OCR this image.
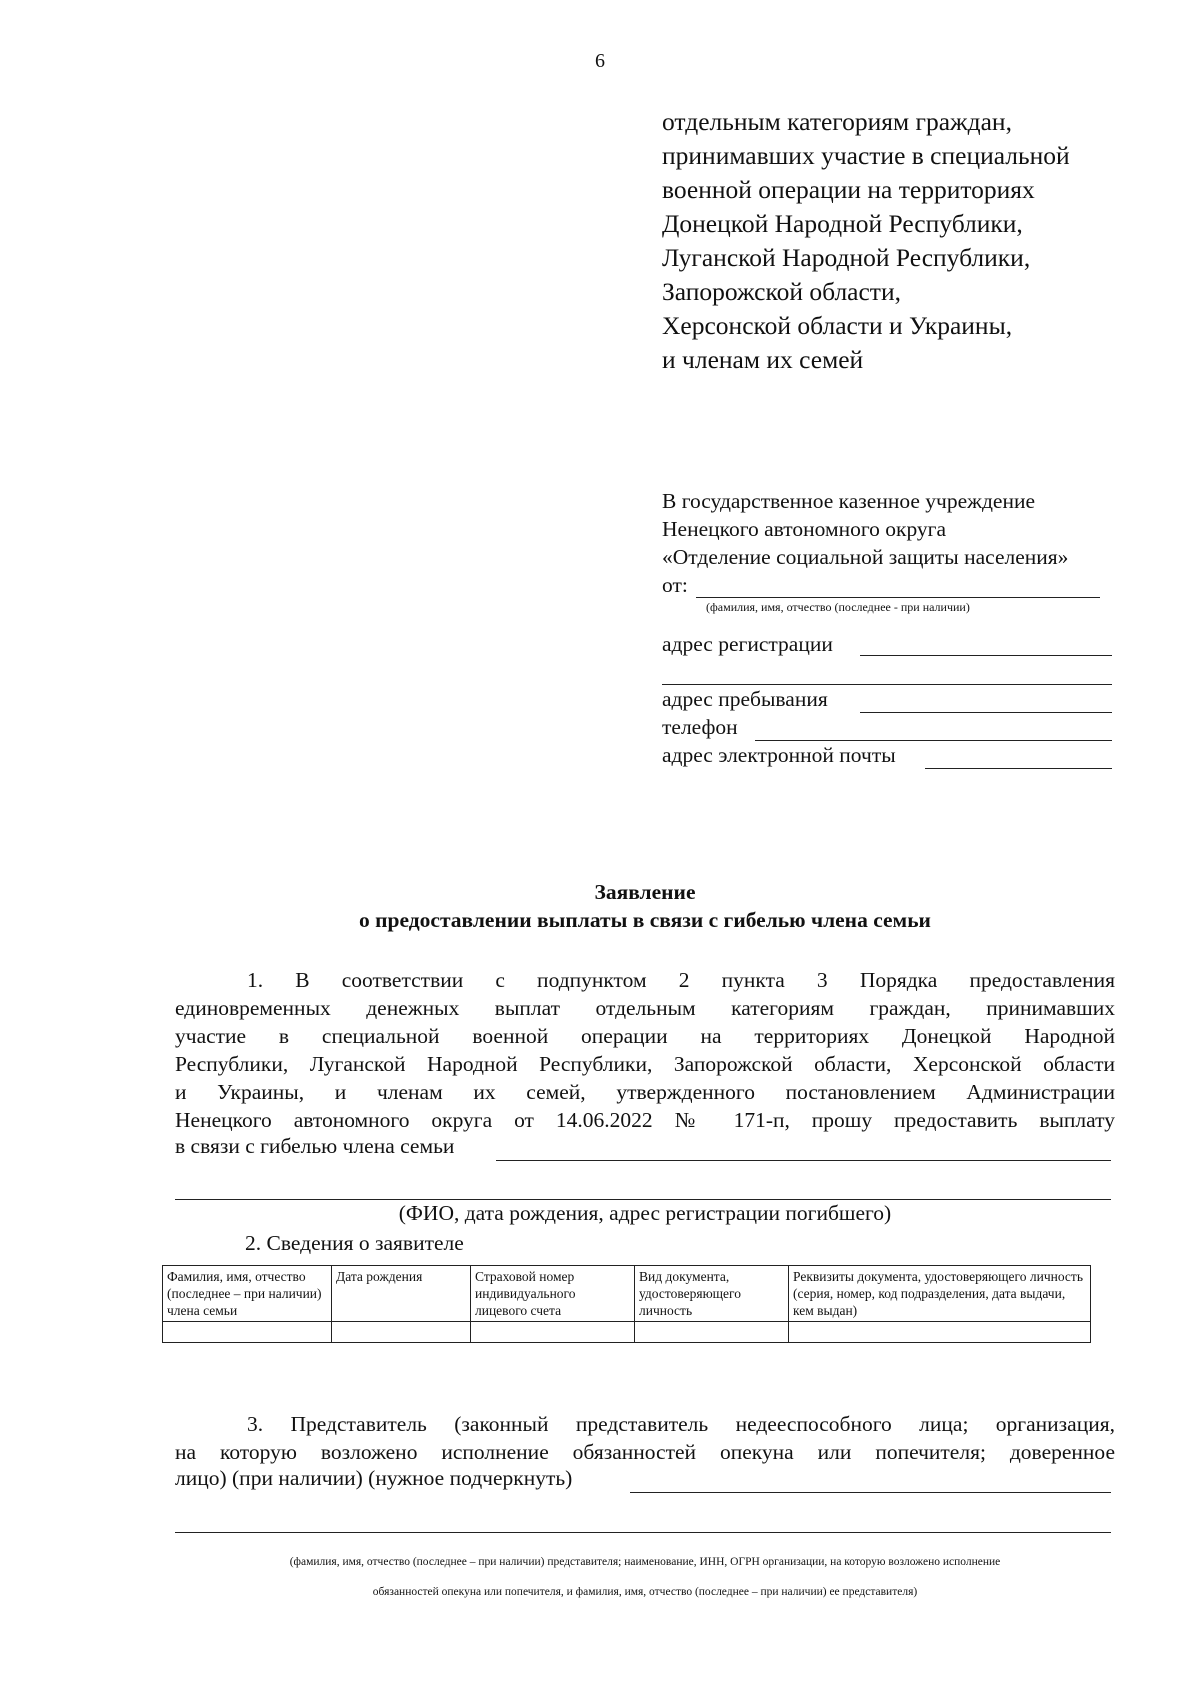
6
отдельным категориям граждан,
принимавших участие в специальной
военной операции на территориях
Донецкой Народной Республики,
Луганской Народной Республики,
Запорожской области,
Херсонской области и Украины,
и членам их семей
В государственное казенное учреждение
Ненецкого автономного округа
«Отделение социальной защиты населения»
от:
(фамилия, имя, отчество (последнее - при наличии)
адрес регистрации
адрес пребывания
телефон
адрес электронной почты
Заявление
о предоставлении выплаты в связи с гибелью члена семьи
1. В соответствии с подпунктом 2 пункта 3 Порядка предоставления
единовременных денежных выплат отдельным категориям граждан, принимавших
участие в специальной военной операции на территориях Донецкой Народной
Республики, Луганской Народной Республики, Запорожской области, Херсонской области
и Украины, и членам их семей, утвержденного постановлением Администрации
Ненецкого автономного округа от 14.06.2022 № 171-п, прошу предоставить выплату
в связи с гибелью члена семьи
(ФИО, дата рождения, адрес регистрации погибшего)
2. Сведения о заявителе
Фамилия, имя, отчество (последнее – при наличии) члена семьи	Дата рождения	Страховой номер индивидуального лицевого счета	Вид документа, удостоверяющего личность	Реквизиты документа, удостоверяющего личность (серия, номер, код подразделения, дата выдачи, кем выдан)

3. Представитель (законный представитель недееспособного лица; организация,
на которую возложено исполнение обязанностей опекуна или попечителя; доверенное
лицо) (при наличии) (нужное подчеркнуть)
(фамилия, имя, отчество (последнее – при наличии) представителя; наименование, ИНН, ОГРН организации, на которую возложено исполнение
обязанностей опекуна или попечителя, и фамилия, имя, отчество (последнее – при наличии) ее представителя)
